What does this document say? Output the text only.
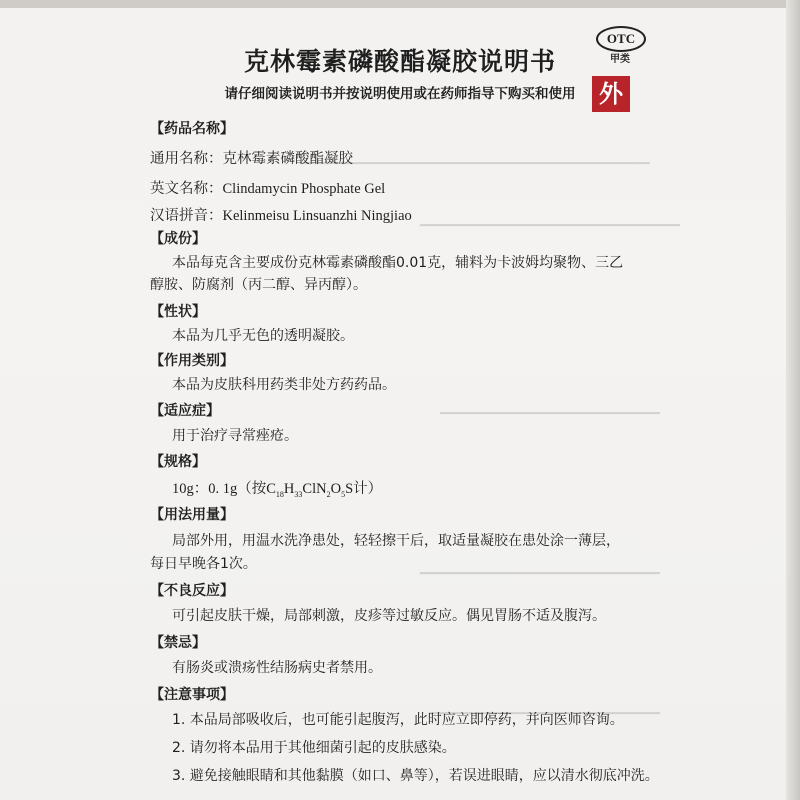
▁▁▁▁▁▁▁▁▁▁▁▁▁▁▁▁▁▁▁▁▁▁▁▁▁▁▁▁▁▁▁▁▁▁▁
▁▁▁▁▁▁▁▁▁▁▁▁▁▁▁▁▁▁▁▁▁▁▁▁▁▁
▁▁▁▁▁▁▁▁▁▁▁▁▁▁▁▁▁▁▁▁▁▁
▁▁▁▁▁▁▁▁▁▁▁▁▁▁▁▁▁▁▁▁▁▁▁▁
▁▁▁▁▁▁▁▁▁▁▁▁▁▁▁▁▁▁▁▁▁▁▁
克林霉素磷酸酯凝胶说明书
请仔细阅读说明书并按说明使用或在药师指导下购买和使用
OTC
甲类
外
【药品名称】
通用名称：克林霉素磷酸酯凝胶
英文名称：Clindamycin Phosphate Gel
汉语拼音：Kelinmeisu Linsuanzhi Ningjiao
【成份】
本品每克含主要成份克林霉素磷酸酯0.01克，辅料为卡波姆均聚物、三乙
醇胺、防腐剂（丙二醇、异丙醇）。
【性状】
本品为几乎无色的透明凝胶。
【作用类别】
本品为皮肤科用药类非处方药药品。
【适应症】
用于治疗寻常痤疮。
【规格】
10g：0. 1g（按$C_{18}H_{33}ClN_2O_5S$计）
【用法用量】
局部外用，用温水洗净患处，轻轻擦干后，取适量凝胶在患处涂一薄层，
每日早晚各1次。
【不良反应】
可引起皮肤干燥，局部刺激，皮疹等过敏反应。偶见胃肠不适及腹泻。
【禁忌】
有肠炎或溃疡性结肠病史者禁用。
【注意事项】
1. 本品局部吸收后，也可能引起腹泻，此时应立即停药，并向医师咨询。
2. 请勿将本品用于其他细菌引起的皮肤感染。
3. 避免接触眼睛和其他黏膜（如口、鼻等），若误进眼睛，应以清水彻底冲洗。
